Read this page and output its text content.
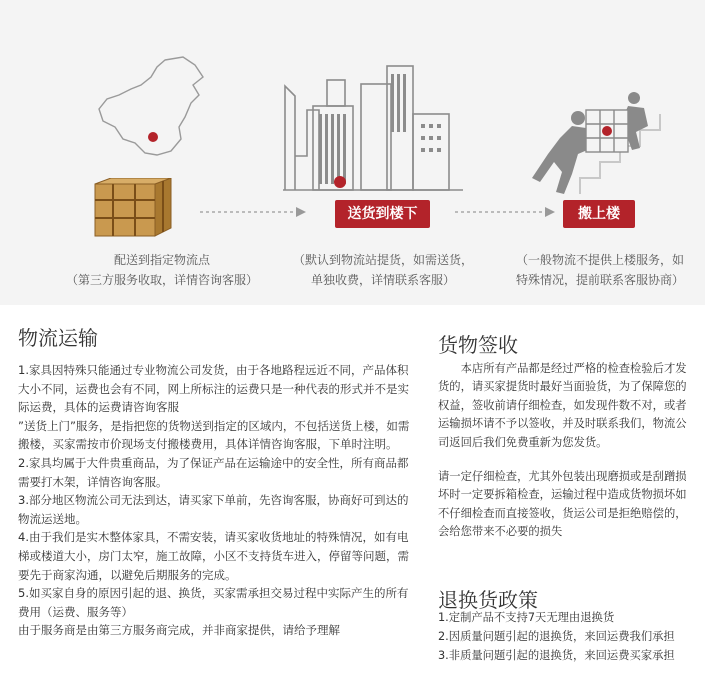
配送到指定物流点
（第三方服务收取，详情咨询客服）
送货到楼下
（默认到物流站提货，如需送货，
单独收费，详情联系客服）
搬上楼
（一般物流不提供上楼服务，如
特殊情况，提前联系客服协商）
物流运输

1.家具因特殊只能通过专业物流公司发货，由于各地路程远近不同，产品体积大小不同，运费也会有不同，网上所标注的运费只是一种代表的形式并不是实际运费，具体的运费请咨询客服

”送货上门”服务，是指把您的货物送到指定的区域内，不包括送货上楼，如需搬楼，买家需按市价现场支付搬楼费用，具体详情咨询客服，下单时注明。

2.家具均属于大件贵重商品，为了保证产品在运输途中的安全性，所有商品都需要打木架，详情咨询客服。

3.部分地区物流公司无法到达，请买家下单前，先咨询客服，协商好可到达的物流运送地。

4.由于我们是实木整体家具，不需安装，请买家收货地址的特殊情况，如有电梯或楼道大小，房门太窄，施工故障，小区不支持货车进入，停留等问题，需要先于商家沟通，以避免后期服务的完成。

5.如买家自身的原因引起的退、换货，买家需承担交易过程中实际产生的所有费用（运费、服务等）

由于服务商是由第三方服务商完成，并非商家提供，请给予理解

货物签收

　　本店所有产品都是经过严格的检查检验后才发货的，请买家提货时最好当面验货，为了保障您的权益，签收前请仔细检查，如发现件数不对，或者运输损坏请不予以签收，并及时联系我们，物流公司返回后我们免费重新为您发货。

请一定仔细检查，尤其外包装出现磨损或是刮蹭损坏时一定要拆箱检查，运输过程中造成货物损坏如不仔细检查而直接签收，货运公司是拒绝赔偿的，会给您带来不必要的损失

退换货政策

1.定制产品不支持7天无理由退换货

2.因质量问题引起的退换货，来回运费我们承担

3.非质量问题引起的退换货，来回运费买家承担
